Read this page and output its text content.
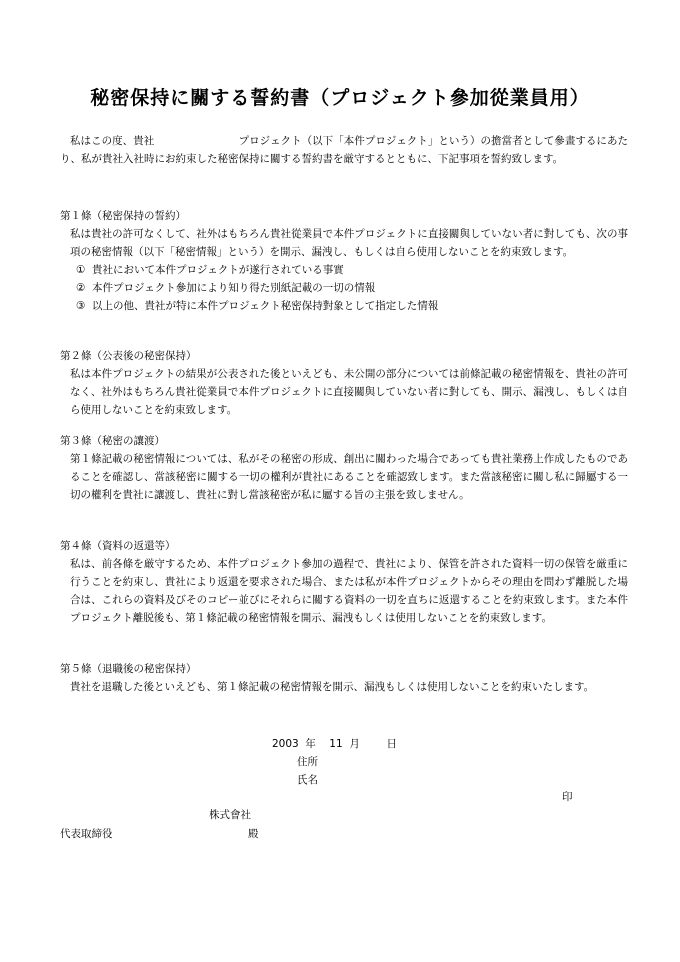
秘密保持に關する誓約書（プロジェクト參加從業員用）

私はこの度、貴社　　　　　　　　プロジェクト（以下「本件プロジェクト」という）の擔當者として參畫するにあたり、私が貴社入社時にお約束した秘密保持に關する誓約書を厳守するとともに、下記事項を誓約致します。

第１條（秘密保持の誓約）

私は貴社の許可なくして、社外はもちろん貴社從業員で本件プロジェクトに直接關與していない者に對しても、次の事項の秘密情報（以下「秘密情報」という）を開示、漏洩し、もしくは自ら使用しないことを約束致します。

① 貴社において本件プロジェクトが遂行されている事實
② 本件プロジェクト參加により知り得た別紙記載の一切の情報
③ 以上の他、貴社が特に本件プロジェクト秘密保持對象として指定した情報
第２條（公表後の秘密保持）

私は本件プロジェクトの結果が公表された後といえども、未公開の部分については前條記載の秘密情報を、貴社の許可なく、社外はもちろん貴社從業員で本件プロジェクトに直接關與していない者に對しても、開示、漏洩し、もしくは自ら使用しないことを約束致します。

第３條（秘密の讓渡）

第１條記載の秘密情報については、私がその秘密の形成、創出に關わった場合であっても貴社業務上作成したものであることを確認し、當該秘密に關する一切の權利が貴社にあることを確認致します。また當該秘密に關し私に歸屬する一切の權利を貴社に讓渡し、貴社に對し當該秘密が私に屬する旨の主張を致しません。

第４條（資料の返還等）

私は、前各條を厳守するため、本件プロジェクト參加の過程で、貴社により、保管を許された資料一切の保管を厳重に行うことを約束し、貴社により返還を要求された場合、または私が本件プロジェクトからその理由を問わず離脱した場合は、これらの資料及びそのコピー並びにそれらに關する資料の一切を直ちに返還することを約束致します。また本件プロジェクト離脱後も、第１條記載の秘密情報を開示、漏洩もしくは使用しないことを約束致します。

第５條（退職後の秘密保持）

貴社を退職した後といえども、第１條記載の秘密情報を開示、漏洩もしくは使用しないことを約束いたします。

2003 年 11 月	日
住所
氏名
印
株式會社
代表取締役	殿
